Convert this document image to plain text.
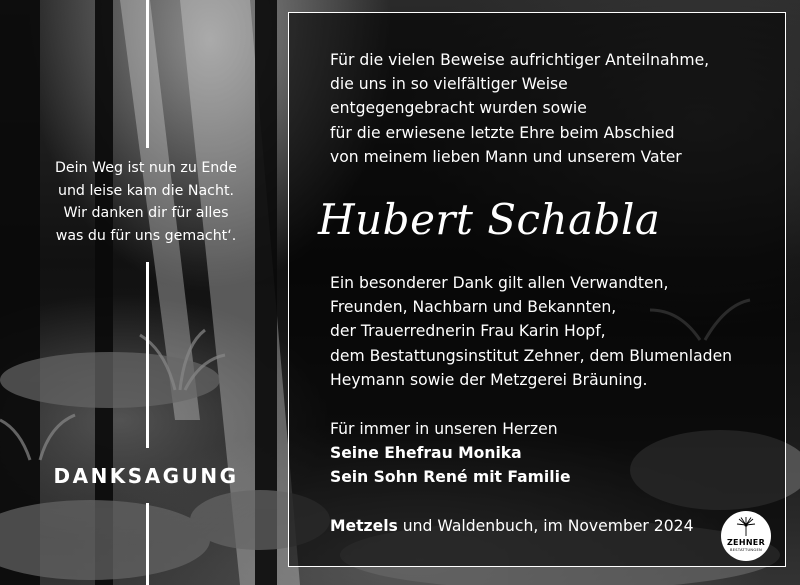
Dein Weg ist nun zu Ende
und leise kam die Nacht.
Wir danken dir für alles
was du für uns gemacht‘.
DANKSAGUNG
Für die vielen Beweise aufrichtiger Anteilnahme,
die uns in so vielfältiger Weise
entgegengebracht wurden sowie
für die erwiesene letzte Ehre beim Abschied
von meinem lieben Mann und unserem Vater
Hubert Schabla
Ein besonderer Dank gilt allen Verwandten,
Freunden, Nachbarn und Bekannten,
der Trauerrednerin Frau Karin Hopf,
dem Bestattungsinstitut Zehner, dem Blumenladen
Heymann sowie der Metzgerei Bräuning.
Für immer in unseren Herzen
Seine Ehefrau Monika
Sein Sohn René mit Familie
Metzels und Waldenbuch, im November 2024
ZEHNER
BESTATTUNGEN
